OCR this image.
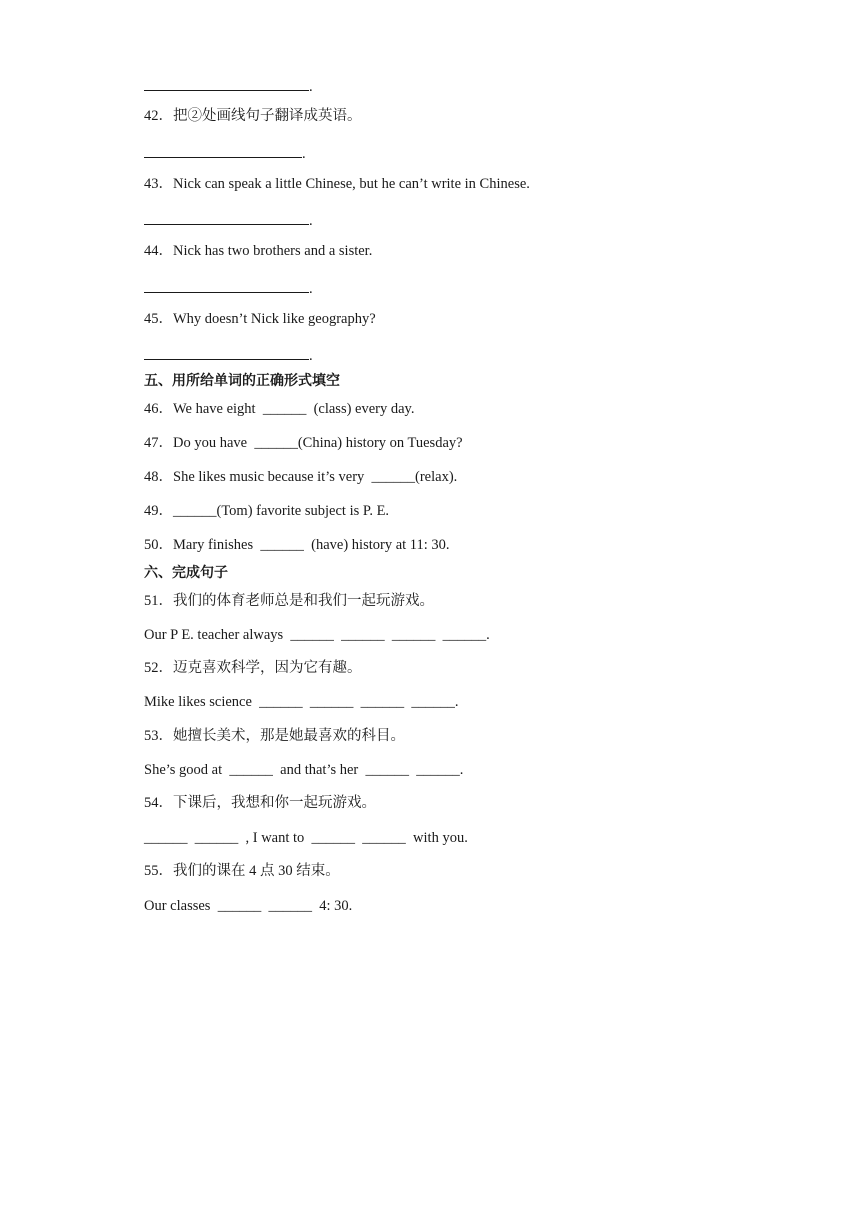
.
42．把②处画线句子翻译成英语。
.
43．Nick can speak a little Chinese, but he can’t write in Chinese.
.
44．Nick has two brothers and a sister.
.
45．Why doesn’t Nick like geography?
.
五、用所给单词的正确形式填空
46．We have eight  ______  (class) every day.
47．Do you have  ______(China) history on Tuesday?
48．She likes music because it’s very  ______(relax).
49．______(Tom) favorite subject is P. E.
50．Mary finishes  ______  (have) history at 11: 30.
六、完成句子
51．我们的体育老师总是和我们一起玩游戏。
Our P E. teacher always  ______  ______  ______  ______.
52．迈克喜欢科学，因为它有趣。
Mike likes science  ______  ______  ______  ______.
53．她擅长美术，那是她最喜欢的科目。
She’s good at  ______  and that’s her  ______  ______.
54．下课后，我想和你一起玩游戏。
______  ______  , I want to  ______  ______  with you.
55．我们的课在 4 点 30 结束。
Our classes  ______  ______  4: 30.
